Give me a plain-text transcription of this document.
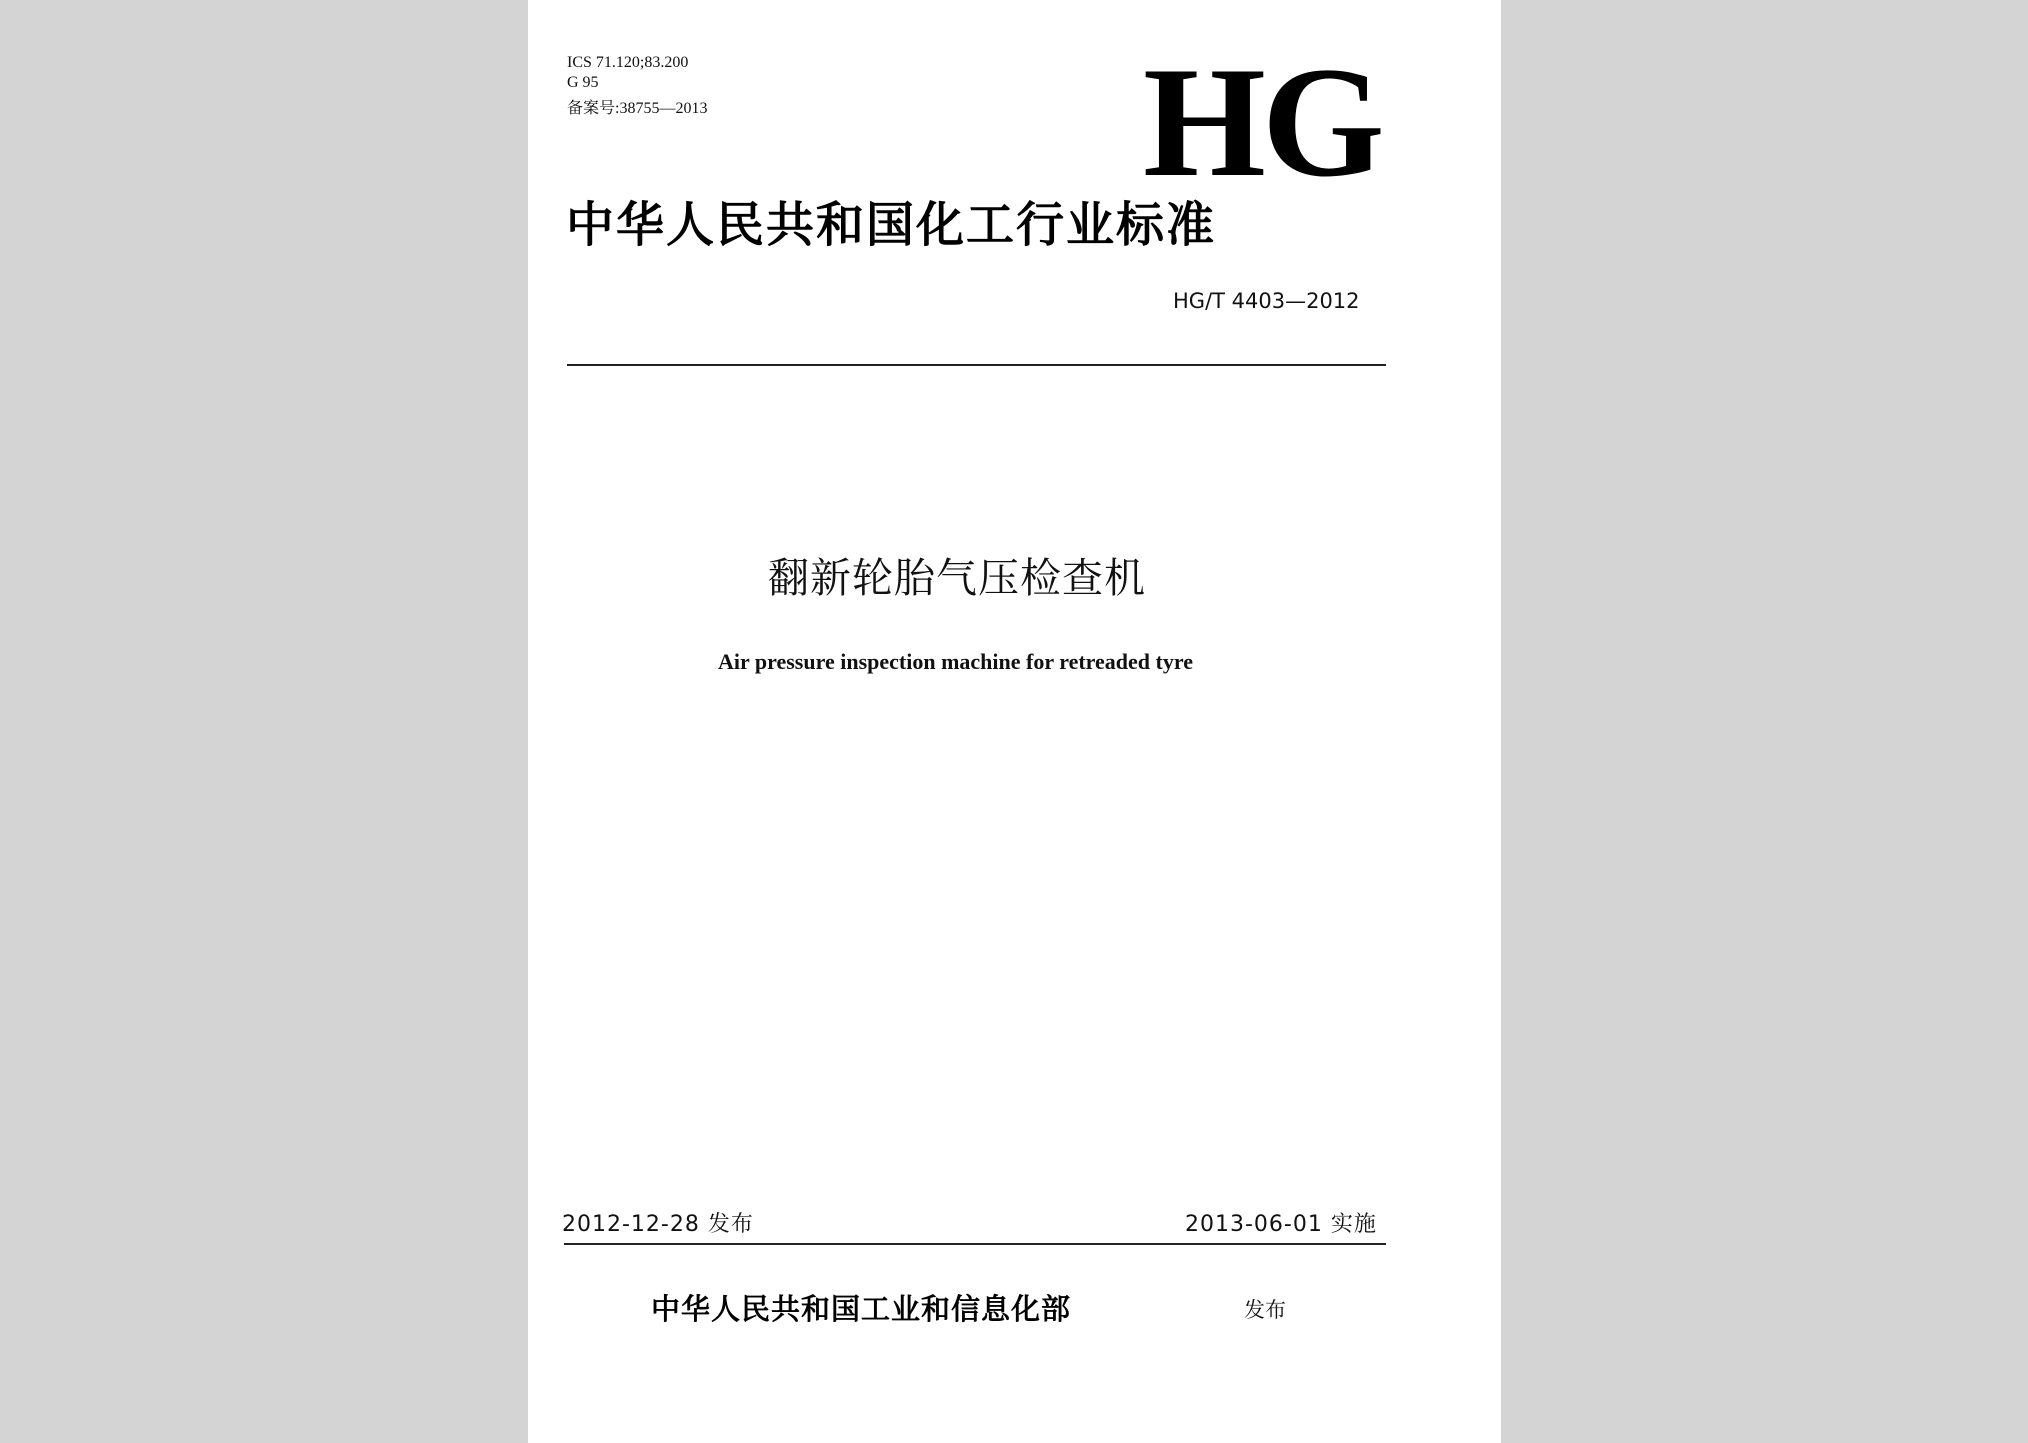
ICS 71.120;83.200
G 95
备案号:38755—2013	HG
中华人民共和国化工行业标准
HG/T 4403—2012
翻新轮胎气压检查机
Air pressure inspection machine for retreaded tyre
2012-12-28 发布	2013-06-01 实施
中华人民共和国工业和信息化部	发布
